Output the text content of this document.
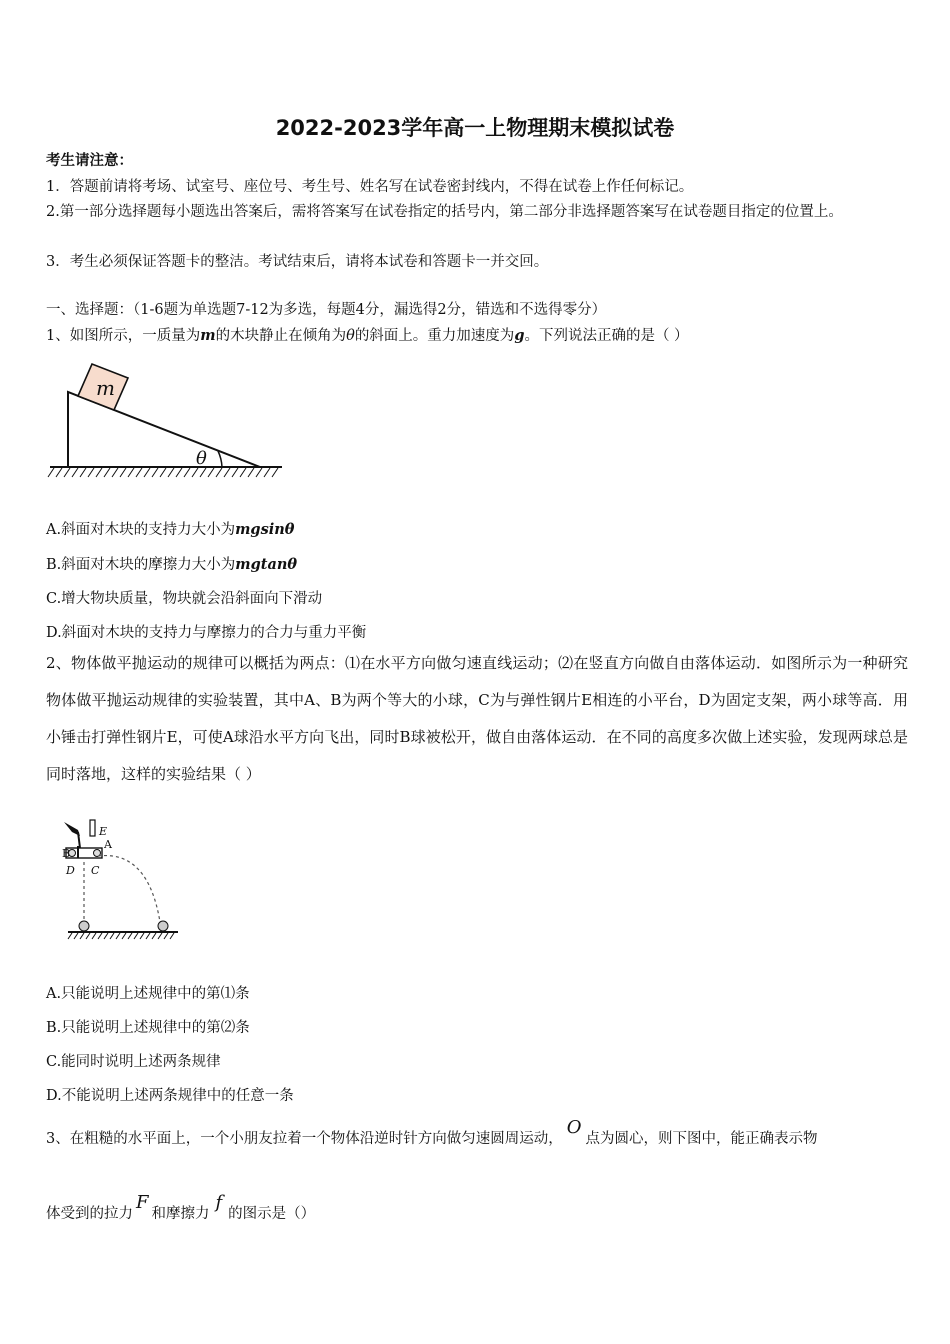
2022-2023学年高一上物理期末模拟试卷
考生请注意：
1．答题前请将考场、试室号、座位号、考生号、姓名写在试卷密封线内，不得在试卷上作任何标记。
2.第一部分选择题每小题选出答案后，需将答案写在试卷指定的括号内，第二部分非选择题答案写在试卷题目指定的位置上。
3．考生必须保证答题卡的整洁。考试结束后，请将本试卷和答题卡一并交回。
一、选择题：（1-6题为单选题7-12为多选，每题4分，漏选得2分，错选和不选得零分）
1、如图所示，一质量为m的木块静止在倾角为θ的斜面上。重力加速度为g。下列说法正确的是（ ）
m
θ
A.斜面对木块的支持力大小为mgsinθ
B.斜面对木块的摩擦力大小为mgtanθ
C.增大物块质量，物块就会沿斜面向下滑动
D.斜面对木块的支持力与摩擦力的合力与重力平衡
2、物体做平抛运动的规律可以概括为两点：⑴在水平方向做匀速直线运动；⑵在竖直方向做自由落体运动．如图所示为一种研究物体做平抛运动规律的实验装置，其中A、B为两个等大的小球，C为与弹性钢片E相连的小平台，D为固定支架，两小球等高．用小锤击打弹性钢片E，可使A球沿水平方向飞出，同时B球被松开，做自由落体运动．在不同的高度多次做上述实验，发现两球总是同时落地，这样的实验结果（ ）
E
A
B
D C
A.只能说明上述规律中的第⑴条
B.只能说明上述规律中的第⑵条
C.能同时说明上述两条规律
D.不能说明上述两条规律中的任意一条
3、在粗糙的水平面上，一个小朋友拉着一个物体沿逆时针方向做匀速圆周运动，O点为圆心，则下图中，能正确表示物
体受到的拉力F和摩擦力f的图示是（）
